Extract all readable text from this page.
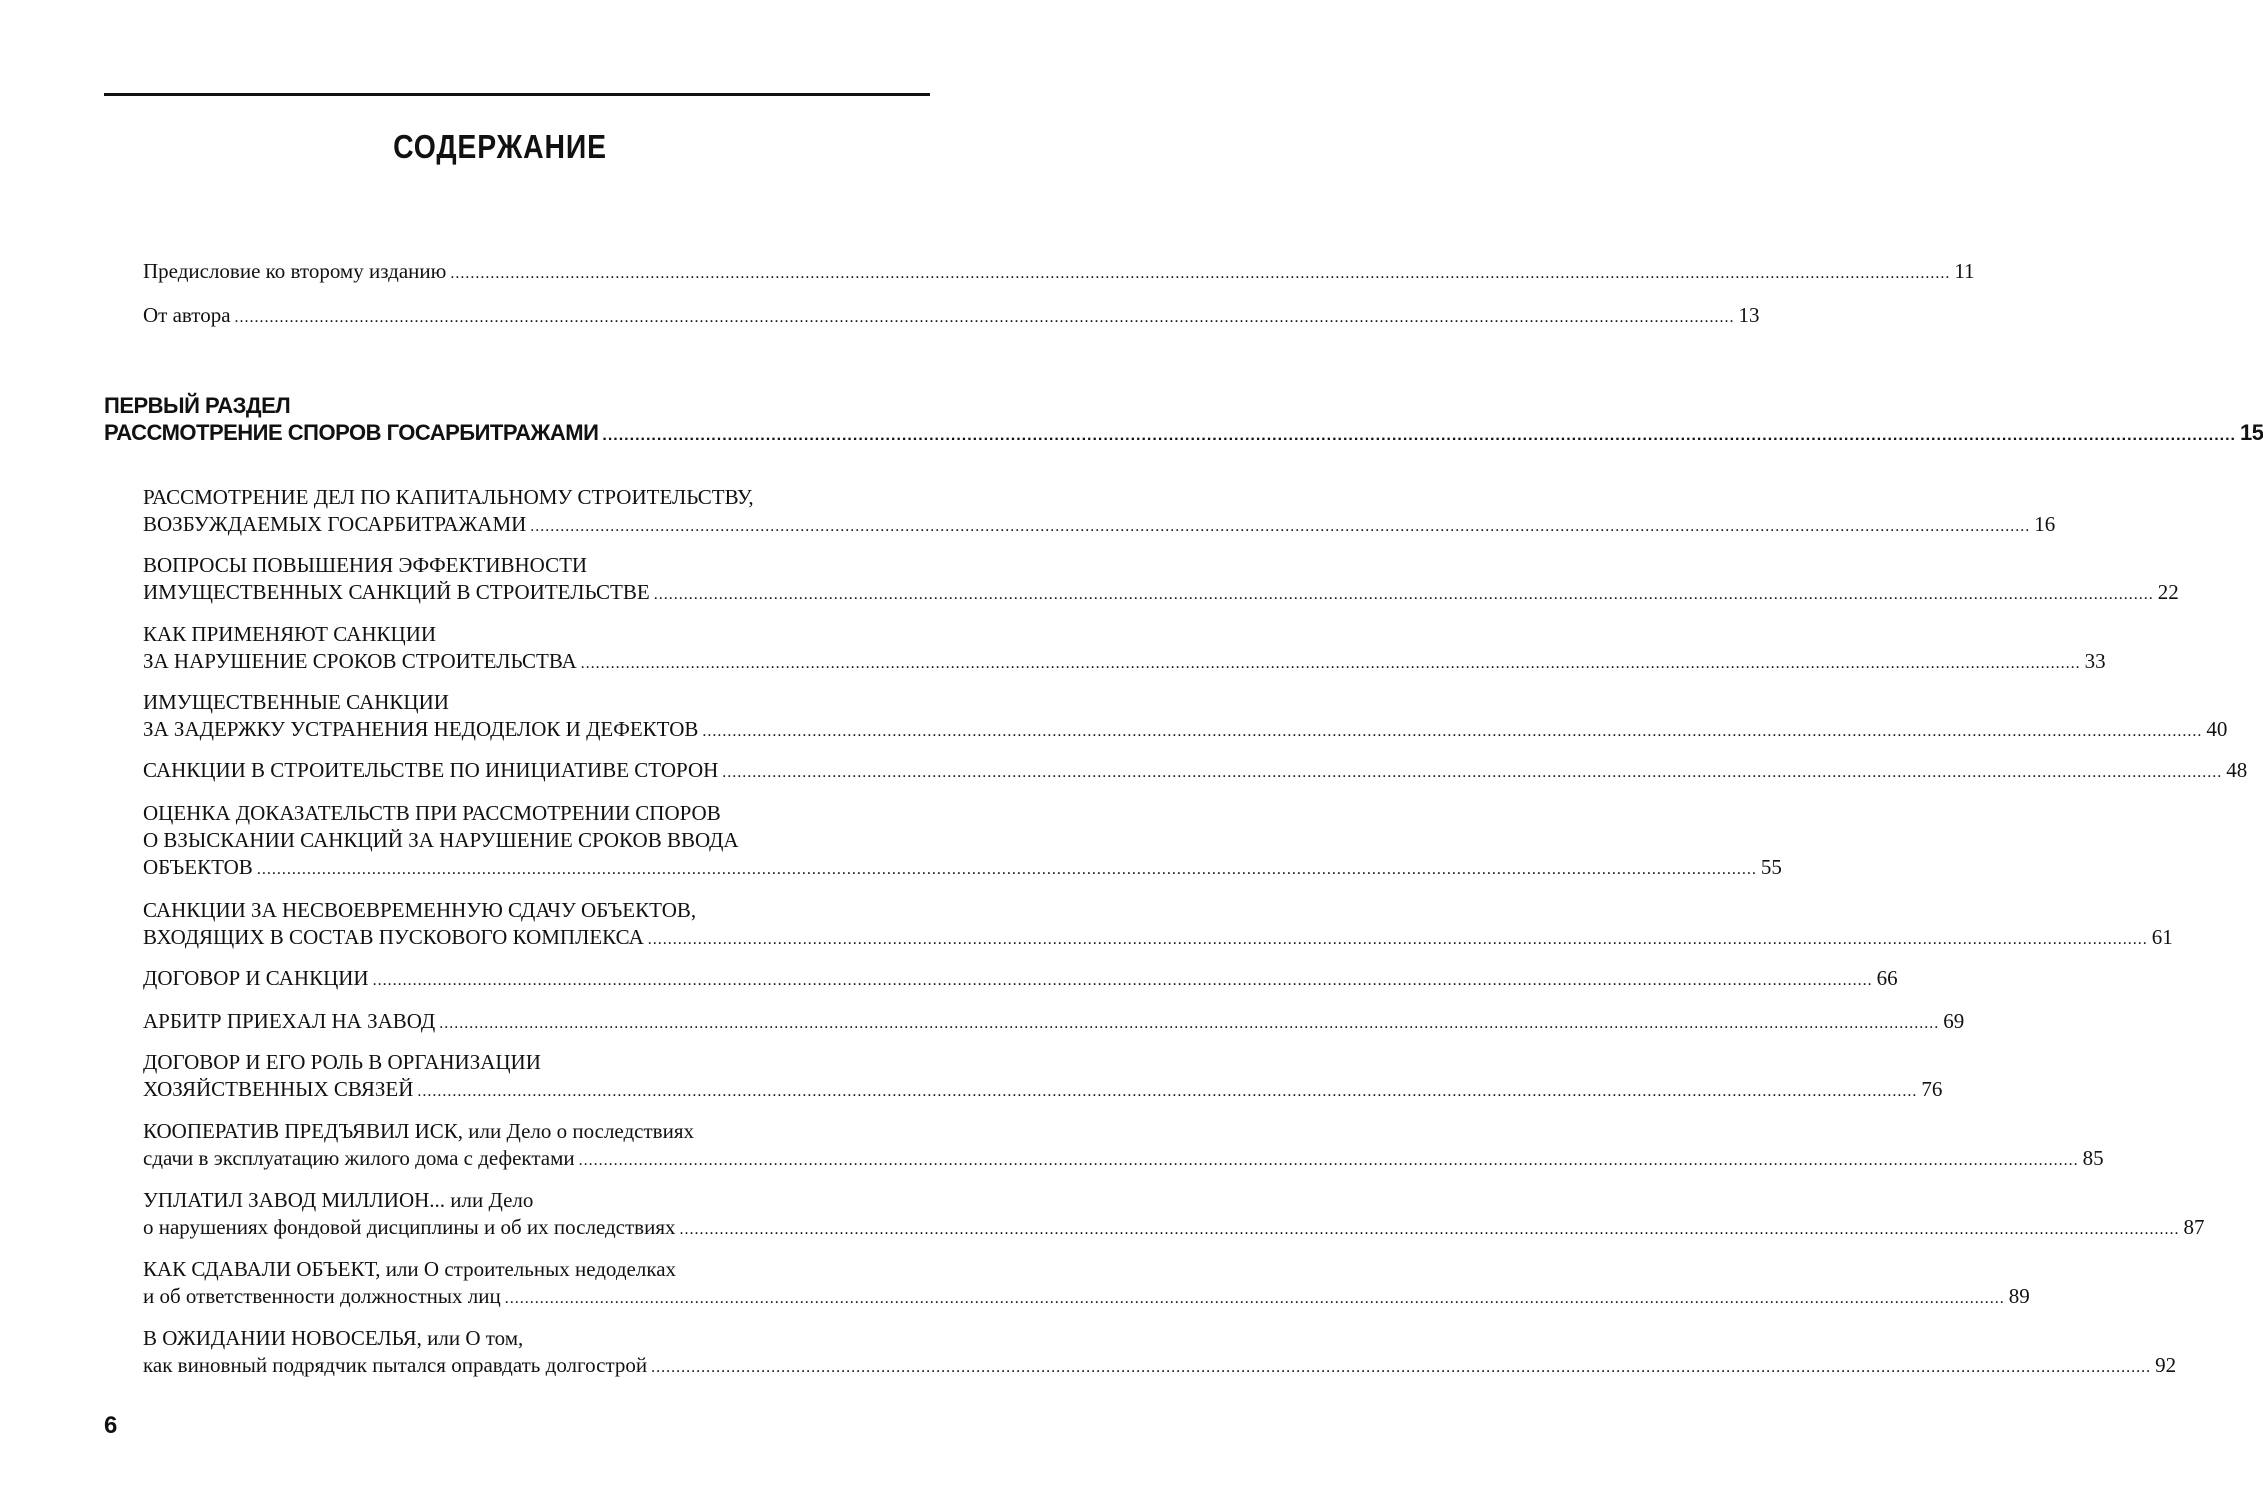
СОДЕРЖАНИЕ
Предисловие ко второму изданию ............................................................................................................................................................................................................................................................................................................ 11
От автора ............................................................................................................................................................................................................................................................................................................ 13
ПЕРВЫЙ РАЗДЕЛ
РАССМОТРЕНИЕ СПОРОВ ГОСАРБИТРАЖАМИ ............................................................................................................................................................................................................................................................................................................ 15
РАССМОТРЕНИЕ ДЕЛ ПО КАПИТАЛЬНОМУ СТРОИТЕЛЬСТВУ,
ВОЗБУЖДАЕМЫХ ГОСАРБИТРАЖАМИ ............................................................................................................................................................................................................................................................................................................ 16
ВОПРОСЫ ПОВЫШЕНИЯ ЭФФЕКТИВНОСТИ
ИМУЩЕСТВЕННЫХ САНКЦИЙ В СТРОИТЕЛЬСТВЕ ............................................................................................................................................................................................................................................................................................................ 22
КАК ПРИМЕНЯЮТ САНКЦИИ
ЗА НАРУШЕНИЕ СРОКОВ СТРОИТЕЛЬСТВА ............................................................................................................................................................................................................................................................................................................ 33
ИМУЩЕСТВЕННЫЕ САНКЦИИ
ЗА ЗАДЕРЖКУ УСТРАНЕНИЯ НЕДОДЕЛОК И ДЕФЕКТОВ ............................................................................................................................................................................................................................................................................................................ 40
САНКЦИИ В СТРОИТЕЛЬСТВЕ ПО ИНИЦИАТИВЕ СТОРОН ............................................................................................................................................................................................................................................................................................................ 48
ОЦЕНКА ДОКАЗАТЕЛЬСТВ ПРИ РАССМОТРЕНИИ СПОРОВ
О ВЗЫСКАНИИ САНКЦИЙ ЗА НАРУШЕНИЕ СРОКОВ ВВОДА
ОБЪЕКТОВ ............................................................................................................................................................................................................................................................................................................ 55
САНКЦИИ ЗА НЕСВОЕВРЕМЕННУЮ СДАЧУ ОБЪЕКТОВ,
ВХОДЯЩИХ В СОСТАВ ПУСКОВОГО КОМПЛЕКСА ............................................................................................................................................................................................................................................................................................................ 61
ДОГОВОР И САНКЦИИ ............................................................................................................................................................................................................................................................................................................ 66
АРБИТР ПРИЕХАЛ НА ЗАВОД ............................................................................................................................................................................................................................................................................................................ 69
ДОГОВОР И ЕГО РОЛЬ В ОРГАНИЗАЦИИ
ХОЗЯЙСТВЕННЫХ СВЯЗЕЙ ............................................................................................................................................................................................................................................................................................................ 76
КООПЕРАТИВ ПРЕДЪЯВИЛ ИСК, или Дело о последствиях
сдачи в эксплуатацию жилого дома с дефектами ............................................................................................................................................................................................................................................................................................................ 85
УПЛАТИЛ ЗАВОД МИЛЛИОН... или Дело
о нарушениях фондовой дисциплины и об их последствиях ............................................................................................................................................................................................................................................................................................................ 87
КАК СДАВАЛИ ОБЪЕКТ, или О строительных недоделках
и об ответственности должностных лиц ............................................................................................................................................................................................................................................................................................................ 89
В ОЖИДАНИИ НОВОСЕЛЬЯ, или О том,
как виновный подрядчик пытался оправдать долгострой ............................................................................................................................................................................................................................................................................................................ 92
6
